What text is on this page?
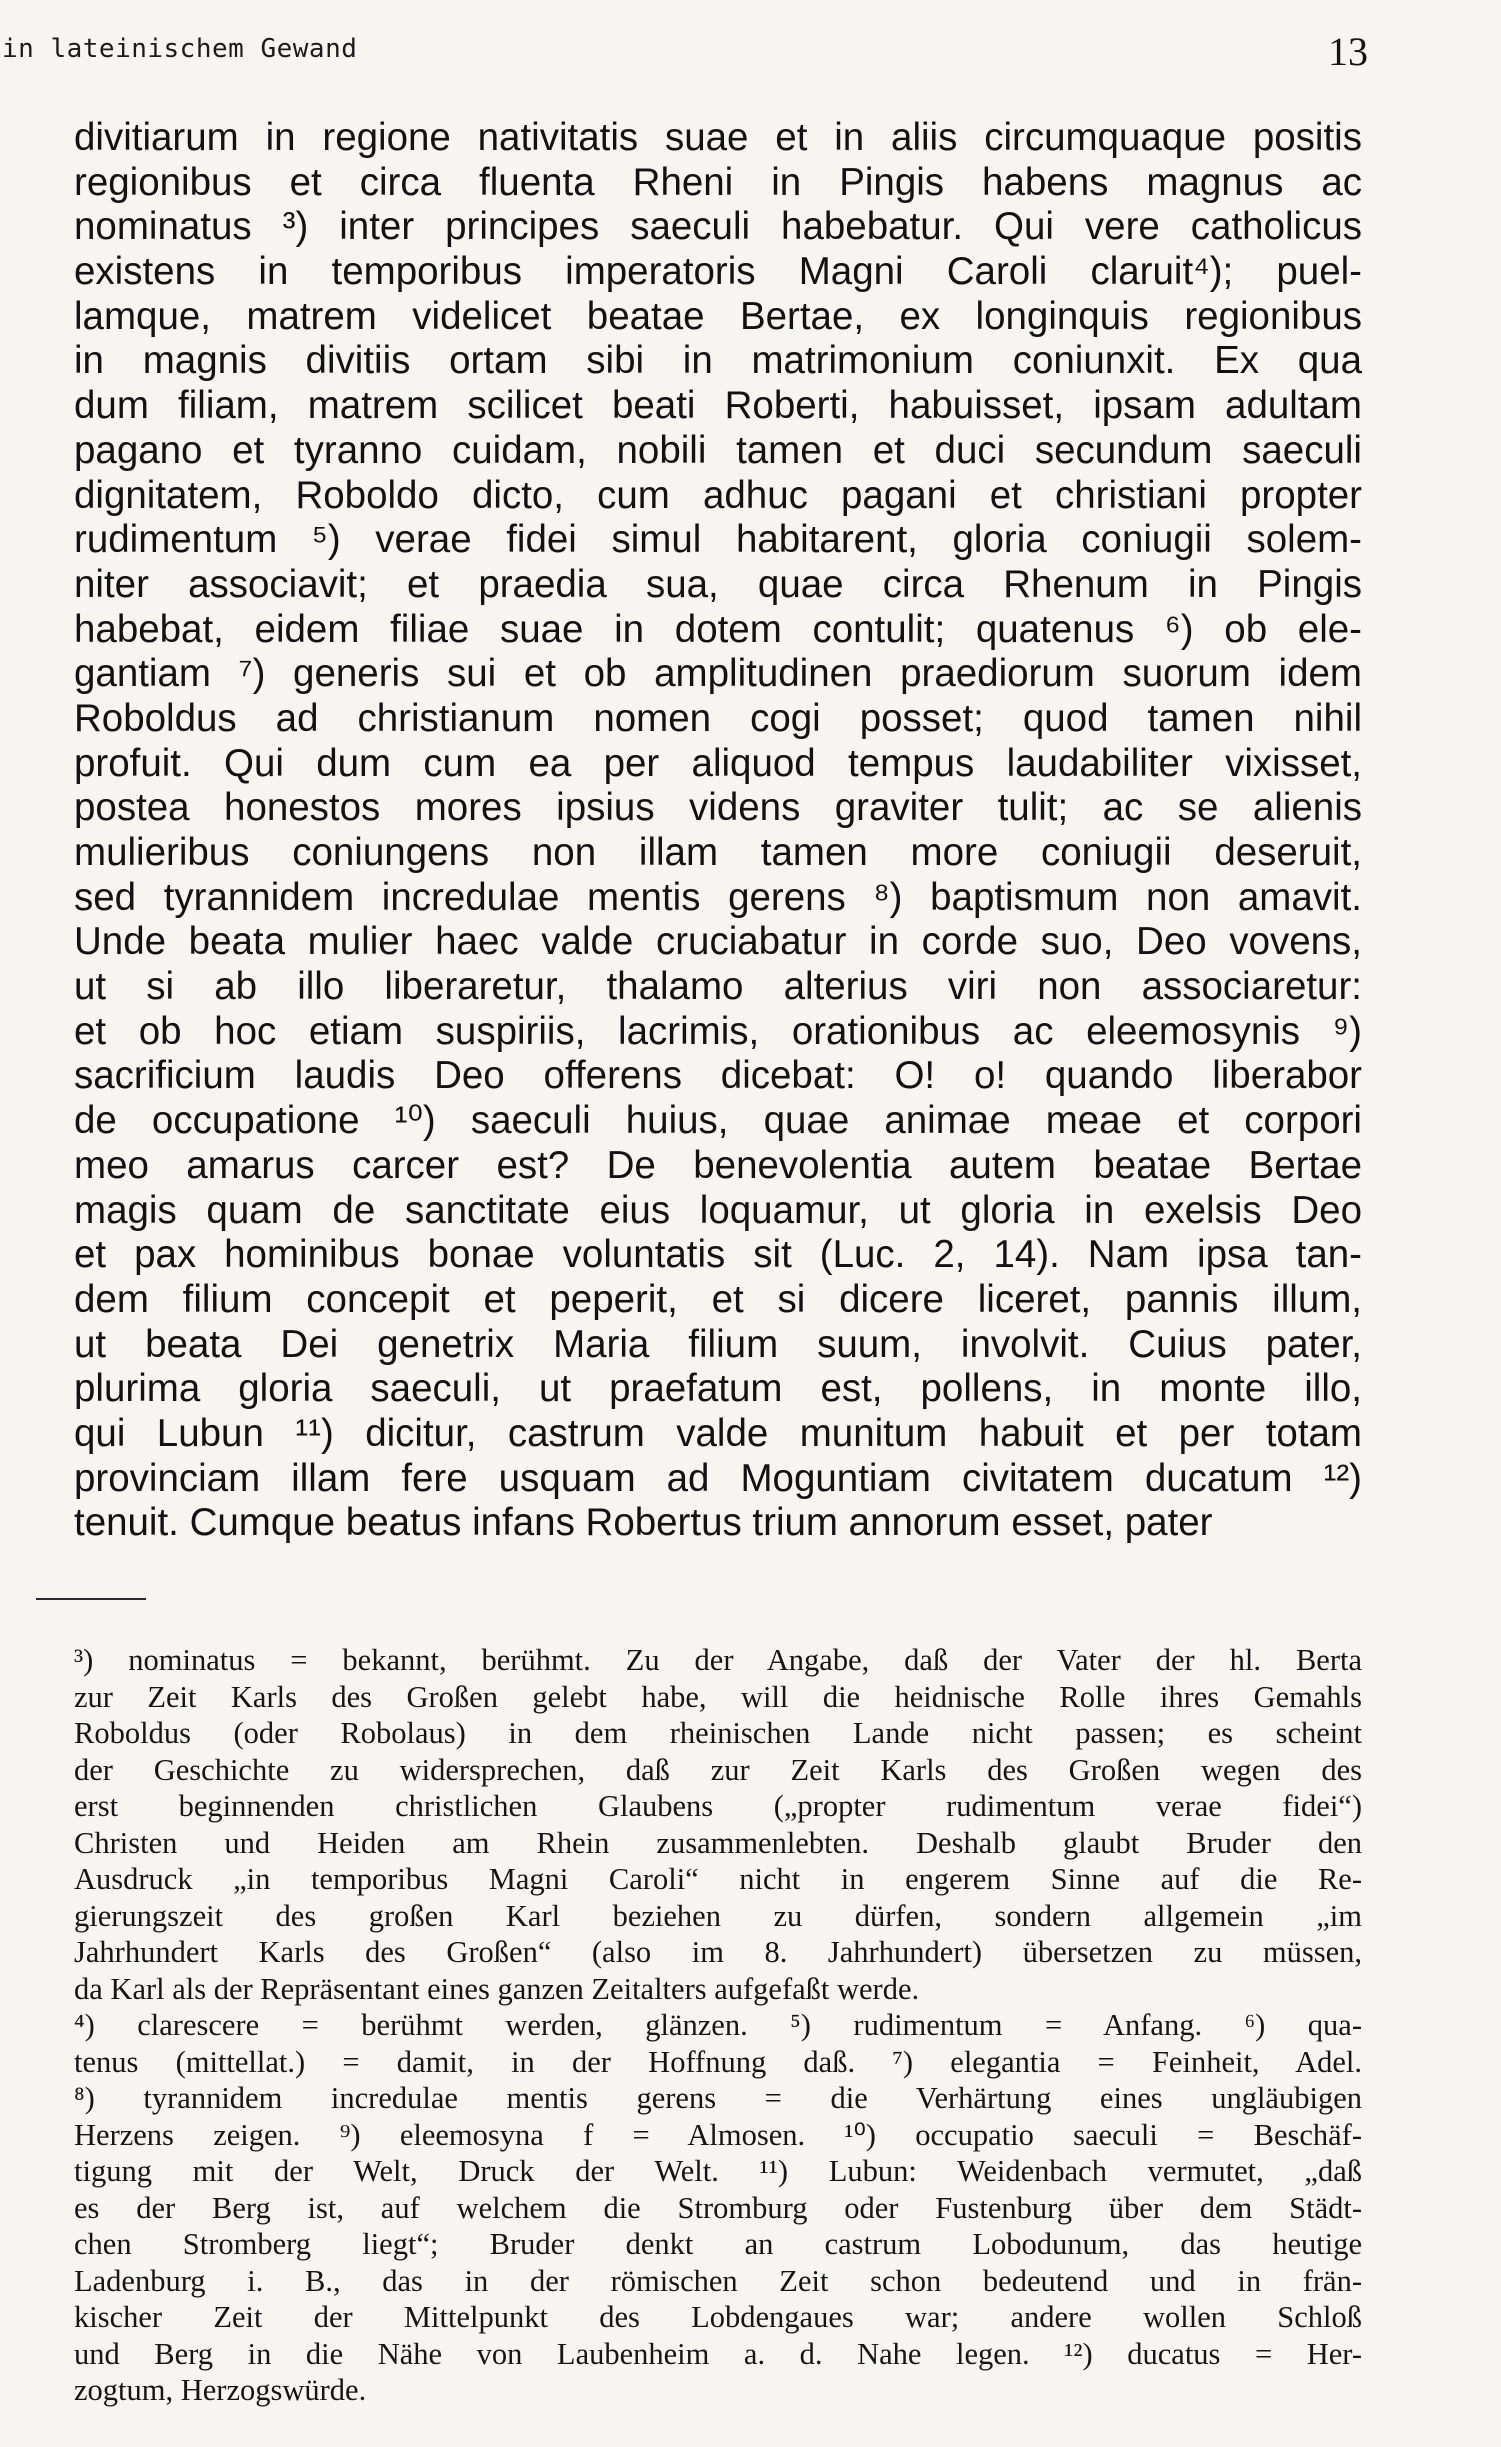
in lateinischem Gewand	13
divitiarum in regione nativitatis suae et in aliis circumquaque positis
regionibus et circa fluenta Rheni in Pingis habens magnus ac
nominatus ³) inter principes saeculi habebatur. Qui vere catholicus
existens in temporibus imperatoris Magni Caroli claruit⁴); puel-
lamque, matrem videlicet beatae Bertae, ex longinquis regionibus
in magnis divitiis ortam sibi in matrimonium coniunxit. Ex qua
dum filiam, matrem scilicet beati Roberti, habuisset, ipsam adultam
pagano et tyranno cuidam, nobili tamen et duci secundum saeculi
dignitatem, Roboldo dicto, cum adhuc pagani et christiani propter
rudimentum ⁵) verae fidei simul habitarent, gloria coniugii solem-
niter associavit; et praedia sua, quae circa Rhenum in Pingis
habebat, eidem filiae suae in dotem contulit; quatenus ⁶) ob ele-
gantiam ⁷) generis sui et ob amplitudinen praediorum suorum idem
Roboldus ad christianum nomen cogi posset; quod tamen nihil
profuit. Qui dum cum ea per aliquod tempus laudabiliter vixisset,
postea honestos mores ipsius videns graviter tulit; ac se alienis
mulieribus coniungens non illam tamen more coniugii deseruit,
sed tyrannidem incredulae mentis gerens ⁸) baptismum non amavit.
Unde beata mulier haec valde cruciabatur in corde suo, Deo vovens,
ut si ab illo liberaretur, thalamo alterius viri non associaretur:
et ob hoc etiam suspiriis, lacrimis, orationibus ac eleemosynis ⁹)
sacrificium laudis Deo offerens dicebat: O! o! quando liberabor
de occupatione ¹⁰) saeculi huius, quae animae meae et corpori
meo amarus carcer est? De benevolentia autem beatae Bertae
magis quam de sanctitate eius loquamur, ut gloria in exelsis Deo
et pax hominibus bonae voluntatis sit (Luc. 2, 14). Nam ipsa tan-
dem filium concepit et peperit, et si dicere liceret, pannis illum,
ut beata Dei genetrix Maria filium suum, involvit. Cuius pater,
plurima gloria saeculi, ut praefatum est, pollens, in monte illo,
qui Lubun ¹¹) dicitur, castrum valde munitum habuit et per totam
provinciam illam fere usquam ad Moguntiam civitatem ducatum ¹²)
tenuit. Cumque beatus infans Robertus trium annorum esset, pater
³) nominatus = bekannt, berühmt. Zu der Angabe, daß der Vater der hl. Berta
zur Zeit Karls des Großen gelebt habe, will die heidnische Rolle ihres Gemahls
Roboldus (oder Robolaus) in dem rheinischen Lande nicht passen; es scheint
der Geschichte zu widersprechen, daß zur Zeit Karls des Großen wegen des
erst beginnenden christlichen Glaubens („propter rudimentum verae fidei“)
Christen und Heiden am Rhein zusammenlebten. Deshalb glaubt Bruder den
Ausdruck „in temporibus Magni Caroli“ nicht in engerem Sinne auf die Re-
gierungszeit des großen Karl beziehen zu dürfen, sondern allgemein „im
Jahrhundert Karls des Großen“ (also im 8. Jahrhundert) übersetzen zu müssen,
da Karl als der Repräsentant eines ganzen Zeitalters aufgefaßt werde.
⁴) clarescere = berühmt werden, glänzen. ⁵) rudimentum = Anfang. ⁶) qua-
tenus (mittellat.) = damit, in der Hoffnung daß. ⁷) elegantia = Feinheit, Adel.
⁸) tyrannidem incredulae mentis gerens = die Verhärtung eines ungläubigen
Herzens zeigen. ⁹) eleemosyna f = Almosen. ¹⁰) occupatio saeculi = Beschäf-
tigung mit der Welt, Druck der Welt. ¹¹) Lubun: Weidenbach vermutet, „daß
es der Berg ist, auf welchem die Stromburg oder Fustenburg über dem Städt-
chen Stromberg liegt“; Bruder denkt an castrum Lobodunum, das heutige
Ladenburg i. B., das in der römischen Zeit schon bedeutend und in frän-
kischer Zeit der Mittelpunkt des Lobdengaues war; andere wollen Schloß
und Berg in die Nähe von Laubenheim a. d. Nahe legen. ¹²) ducatus = Her-
zogtum, Herzogswürde.
